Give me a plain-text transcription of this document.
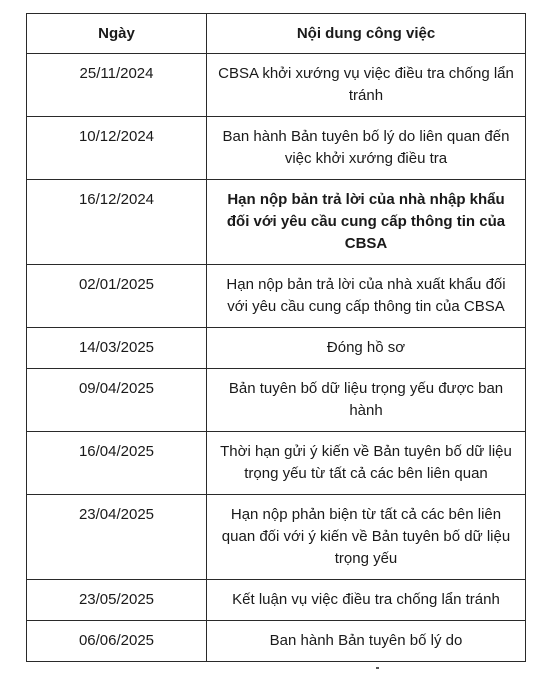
Ngày	Nội dung công việc
25/11/2024	CBSA khởi xướng vụ việc điều tra chống lẩn tránh
10/12/2024	Ban hành Bản tuyên bố lý do liên quan đến việc khởi xướng điều tra
16/12/2024	Hạn nộp bản trả lời của nhà nhập khẩu đối với yêu cầu cung cấp thông tin của CBSA
02/01/2025	Hạn nộp bản trả lời của nhà xuất khẩu đối với yêu cầu cung cấp thông tin của CBSA
14/03/2025	Đóng hồ sơ
09/04/2025	Bản tuyên bố dữ liệu trọng yếu được ban hành
16/04/2025	Thời hạn gửi ý kiến về Bản tuyên bố dữ liệu trọng yếu từ tất cả các bên liên quan
23/04/2025	Hạn nộp phản biện từ tất cả các bên liên quan đối với ý kiến về Bản tuyên bố dữ liệu trọng yếu
23/05/2025	Kết luận vụ việc điều tra chống lẩn tránh
06/06/2025	Ban hành Bản tuyên bố lý do
